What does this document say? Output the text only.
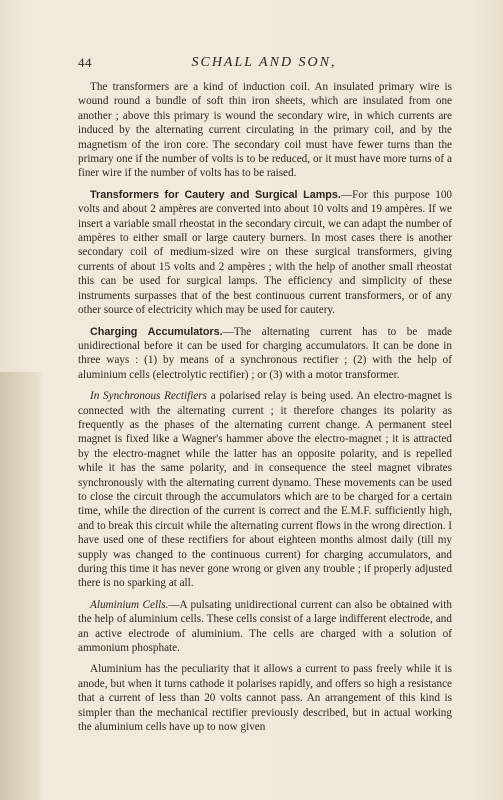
44	SCHALL AND SON,

The transformers are a kind of induction coil. An insulated primary wire is wound round a bundle of soft thin iron sheets, which are insulated from one another ; above this primary is wound the secondary wire, in which currents are induced by the alternating current circulating in the primary coil, and by the magnetism of the iron core. The secondary coil must have fewer turns than the primary one if the number of volts is to be reduced, or it must have more turns of a finer wire if the number of volts has to be raised.

Transformers for Cautery and Surgical Lamps.—For this purpose 100 volts and about 2 ampères are converted into about 10 volts and 19 ampères. If we insert a variable small rheostat in the secondary circuit, we can adapt the number of ampères to either small or large cautery burners. In most cases there is another secondary coil of medium-sized wire on these surgical transformers, giving currents of about 15 volts and 2 ampères ; with the help of another small rheostat this can be used for surgical lamps. The efficiency and simplicity of these instruments surpasses that of the best continuous current transformers, or of any other source of electricity which may be used for cautery.

Charging Accumulators.—The alternating current has to be made unidirectional before it can be used for charging accumulators. It can be done in three ways : (1) by means of a synchronous rectifier ; (2) with the help of aluminium cells (electrolytic rectifier) ; or (3) with a motor transformer.

In Synchronous Rectifiers a polarised relay is being used. An electro-magnet is connected with the alternating current ; it therefore changes its polarity as frequently as the phases of the alternating current change. A permanent steel magnet is fixed like a Wagner's hammer above the electro-magnet ; it is attracted by the electro-magnet while the latter has an opposite polarity, and is repelled while it has the same polarity, and in consequence the steel magnet vibrates synchronously with the alternating current dynamo. These movements can be used to close the circuit through the accumulators which are to be charged for a certain time, while the direction of the current is correct and the E.M.F. sufficiently high, and to break this circuit while the alternating current flows in the wrong direction. I have used one of these rectifiers for about eighteen months almost daily (till my supply was changed to the continuous current) for charging accumulators, and during this time it has never gone wrong or given any trouble ; if properly adjusted there is no sparking at all.

Aluminium Cells.—A pulsating unidirectional current can also be obtained with the help of aluminium cells. These cells consist of a large indifferent electrode, and an active electrode of aluminium. The cells are charged with a solution of ammonium phosphate.

Aluminium has the peculiarity that it allows a current to pass freely while it is anode, but when it turns cathode it polarises rapidly, and offers so high a resistance that a current of less than 20 volts cannot pass. An arrangement of this kind is simpler than the mechanical rectifier previously described, but in actual working the aluminium cells have up to now given
